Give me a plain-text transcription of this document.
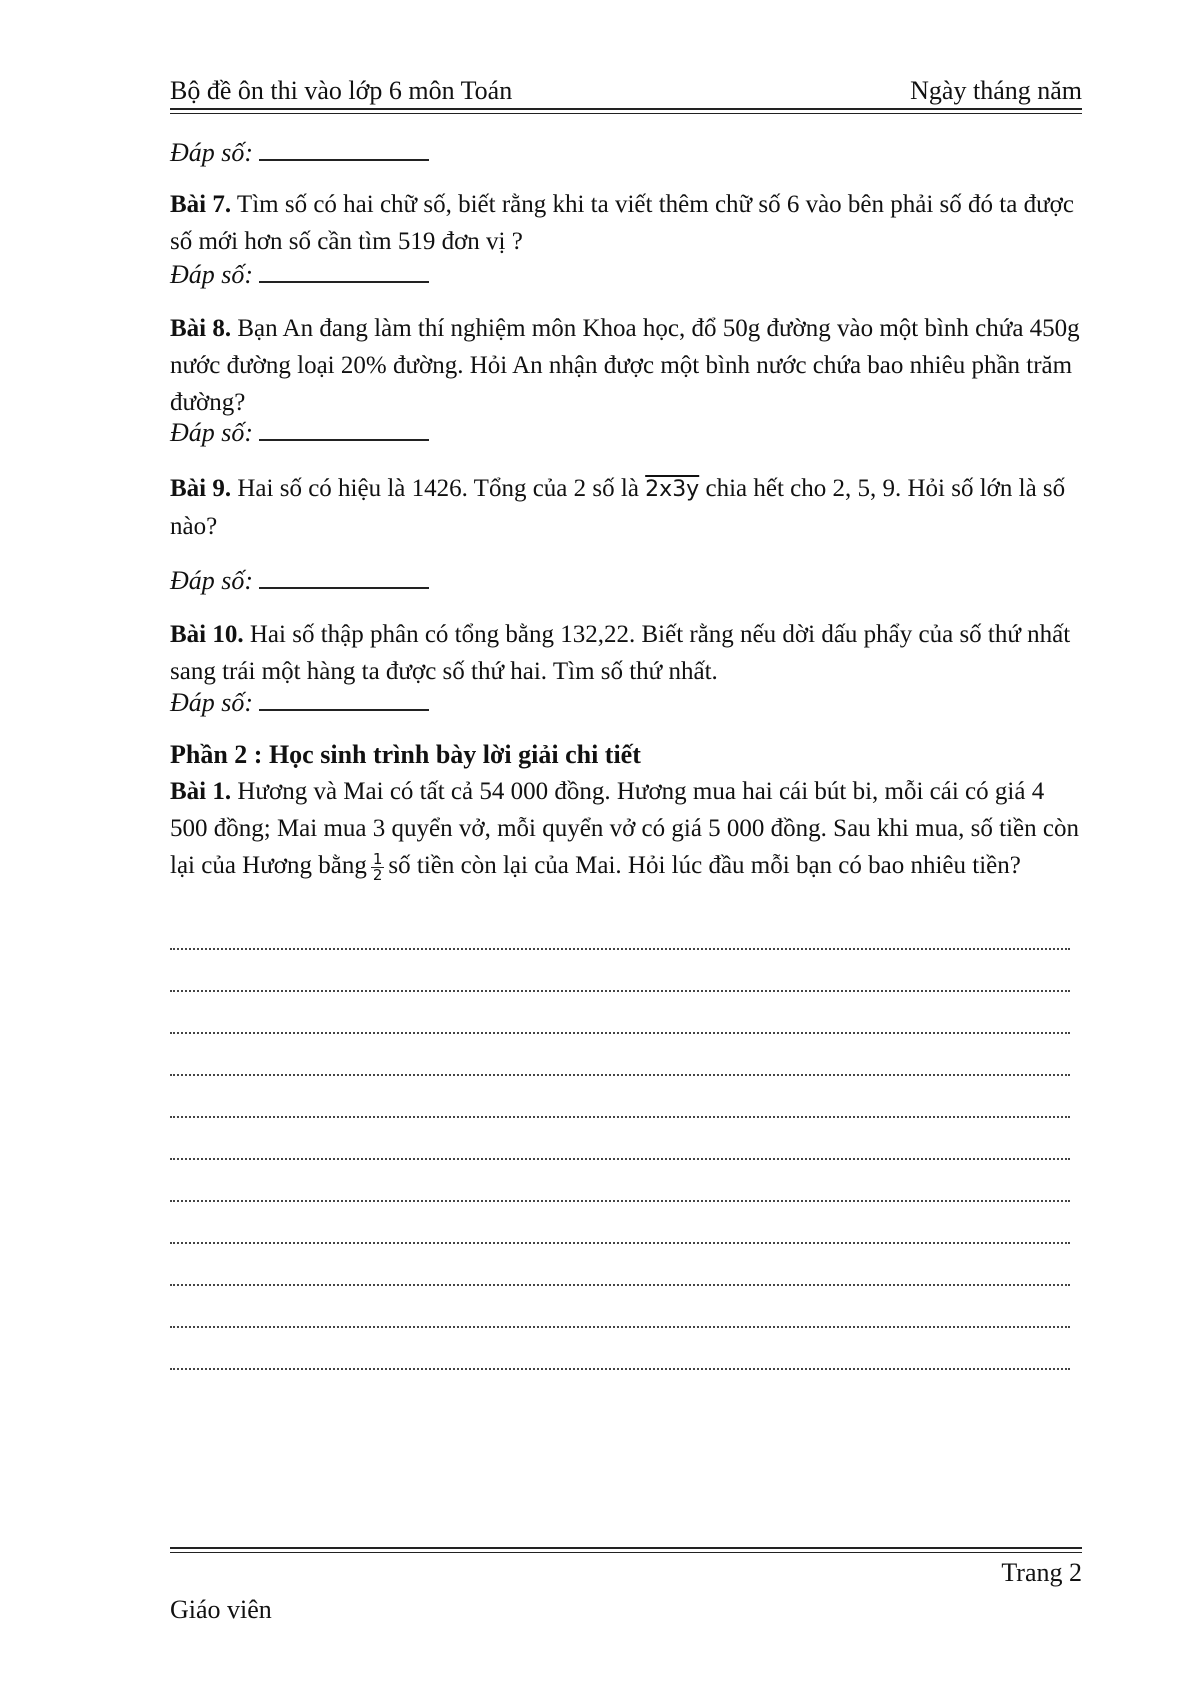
Bộ đề ôn thi vào lớp 6 môn Toán	Ngày tháng năm
Đáp số:
Bài 7. Tìm số có hai chữ số, biết rằng khi ta viết thêm chữ số 6 vào bên phải số đó ta được số mới hơn số cần tìm 519 đơn vị ?
Đáp số:
Bài 8. Bạn An đang làm thí nghiệm môn Khoa học, đổ 50g đường vào một bình chứa 450g nước đường loại 20% đường. Hỏi An nhận được một bình nước chứa bao nhiêu phần trăm đường?
Đáp số:
Bài 9. Hai số có hiệu là 1426. Tổng của 2 số là 2x3y chia hết cho 2, 5, 9. Hỏi số lớn là số nào?
Đáp số:
Bài 10. Hai số thập phân có tổng bằng 132,22. Biết rằng nếu dời dấu phẩy của số thứ nhất sang trái một hàng ta được số thứ hai. Tìm số thứ nhất.
Đáp số:
Phần 2 : Học sinh trình bày lời giải chi tiết
Bài 1. Hương và Mai có tất cả 54 000 đồng. Hương mua hai cái bút bi, mỗi cái có giá 4 500 đồng; Mai mua 3 quyển vở, mỗi quyển vở có giá 5 000 đồng. Sau khi mua, số tiền còn lại của Hương bằng $\frac{1}{2}$ số tiền còn lại của Mai. Hỏi lúc đầu mỗi bạn có bao nhiêu tiền?
Trang 2
Giáo viên
